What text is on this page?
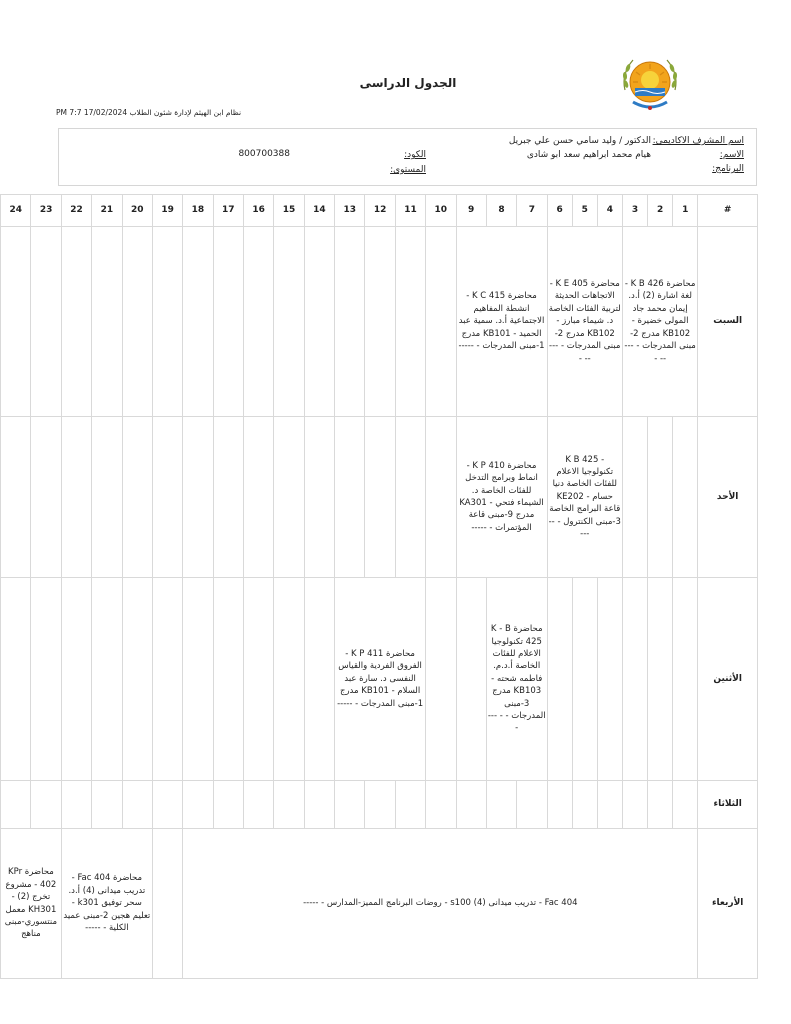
الجدول الدراسى
نظام ابن الهيثم لإدارة شئون الطلاب 17/02/2024 7:7 PM
اسم المشرف الاكاديمى:
الدكتور / وليد سامي حسن علي جبريل
الاسم:
هيام محمد ابراهيم سعد ابو شادى
البرنامج:
الكود:
800700388
المستوى:
#	1	2	3	4	5	6	7	8	9	10	11	12	13	14	15	16	17	18	19	20	21	22	23	24
السبت	محاضرة K B 426 - لغة اشارة (2) أ.د. إيمان محمد جاد المولى خضيرة - KB102 مدرج 2-مبنى المدرجات - ----- -			محاضرة K E 405 - الاتجاهات الحديثة لتربية الفئات الخاصة د. شيماء مبارز - KB102 مدرج 2-مبنى المدرجات - ----- -			محاضرة K C 415 - انشطة المفاهيم الاجتماعية أ.د. سمية عبد الحميد - KB101 مدرج 1-مبنى المدرجات - -----																	
الأحد				- K B 425 تكنولوجيا الاعلام للفئات الخاصة دنيا حسام - KE202 قاعة البرامج الخاصة 3-مبنى الكنترول - -----			محاضرة K P 410 - انماط وبرامج التدخل للفئات الخاصة د. الشيماء فتحي - KA301 مدرج 9-مبنى قاعة المؤتمرات - -----																	
الأثنين							محاضرة K - B 425 تكنولوجيا الاعلام للفئات الخاصة أ.د.م. فاطمه شحته - KB103 مدرج 3-مبنى المدرجات - - ----				محاضرة K P 411 - الفروق الفردية والقياس النفسى د. سارة عبد السلام - KB101 مدرج 1-مبنى المدرجات - -----													
الثلاثاء																								
الأربعاء	Fac 404 - تدريب ميدانى (4) s100 - روضات البرنامج المميز-المدارس - -----																			محاضرة Fac 404 - تدريب ميدانى (4) أ.د. سحر توفيق k301 - تعليم هجين 2-مبنى عميد الكلية - -----			محاضرة KPr 402 - مشروع تخرج (2) - KH301 معمل منتسوري-مبنى مناهج	
